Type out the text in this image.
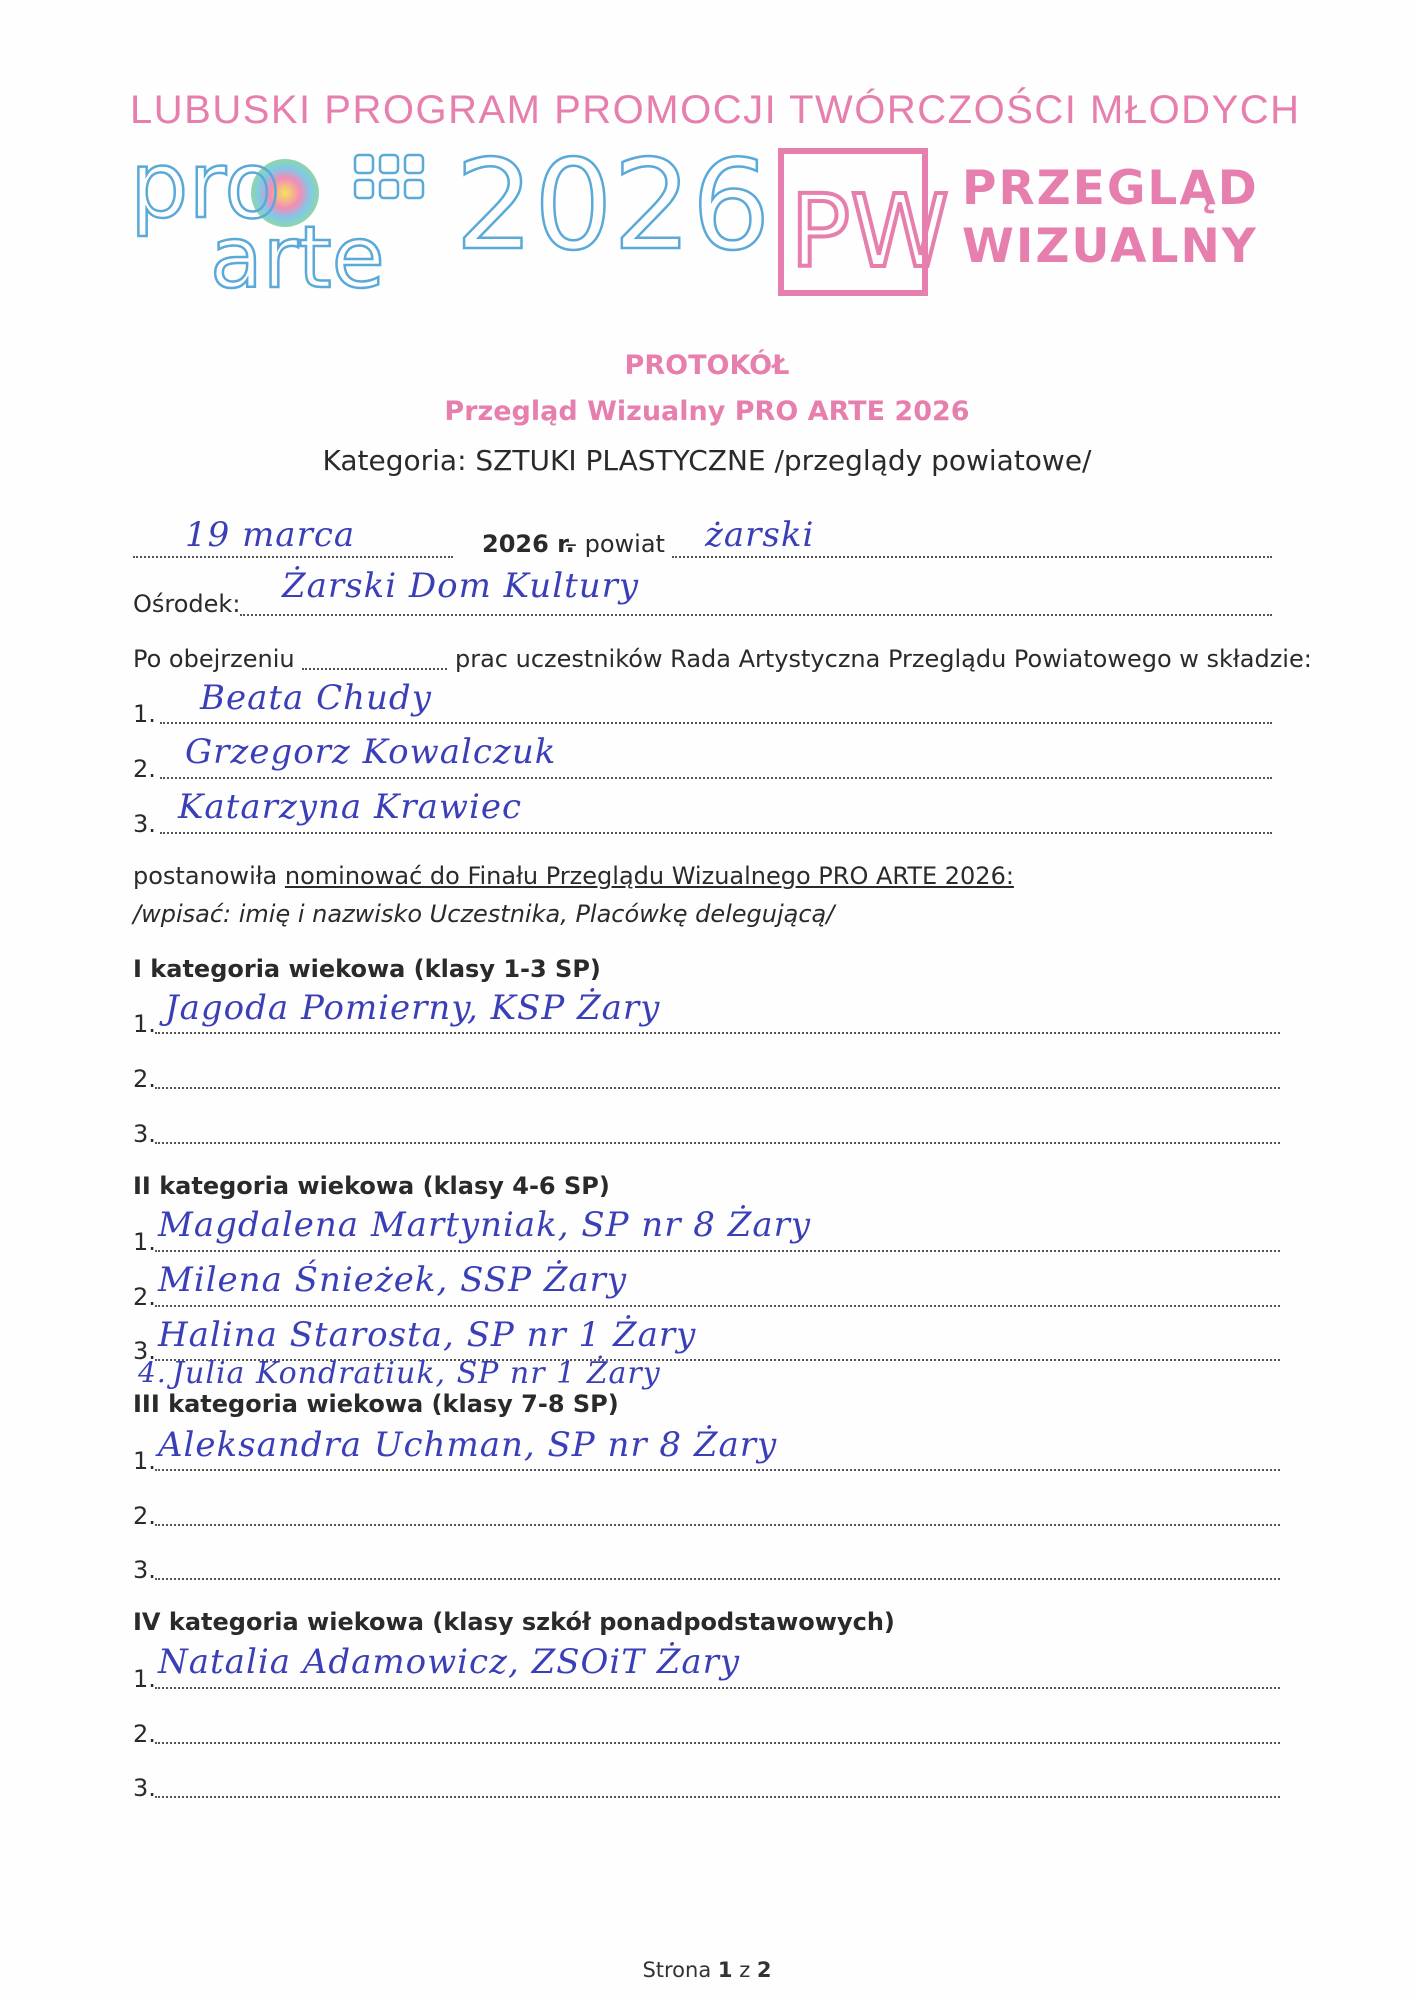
LUBUSKI PROGRAM PROMOCJI TWÓRCZOŚCI MŁODYCH
pro
arte 2026 PW PRZEGLĄD
WIZUALNY
PROTOKÓŁ
Przegląd Wizualny PRO ARTE 2026
Kategoria: SZTUKI PLASTYCZNE /przeglądy powiatowe/
19 marca	2026 r.
– powiat żarski
Ośrodek: Żarski Dom Kultury
Po obejrzeniu	prac uczestników Rada Artystyczna Przeglądu Powiatowego w składzie:
1. Beata Chudy
2. Grzegorz Kowalczuk
3. Katarzyna Krawiec
postanowiła nominować do Finału Przeglądu Wizualnego PRO ARTE 2026:
/wpisać: imię i nazwisko Uczestnika, Placówkę delegującą/
I kategoria wiekowa (klasy 1-3 SP)
1. Jagoda Pomierny, KSP Żary
2.
3.
II kategoria wiekowa (klasy 4-6 SP)
1. Magdalena Martyniak, SP nr 8 Żary
2. Milena Śnieżek, SSP Żary
3. Halina Starosta, SP nr 1 Żary
4. Julia Kondratiuk, SP nr 1 Żary
III kategoria wiekowa (klasy 7-8 SP)
1. Aleksandra Uchman, SP nr 8 Żary
2.
3.
IV kategoria wiekowa (klasy szkół ponadpodstawowych)
1. Natalia Adamowicz, ZSOiT Żary
2.
3.
Strona 1 z 2
